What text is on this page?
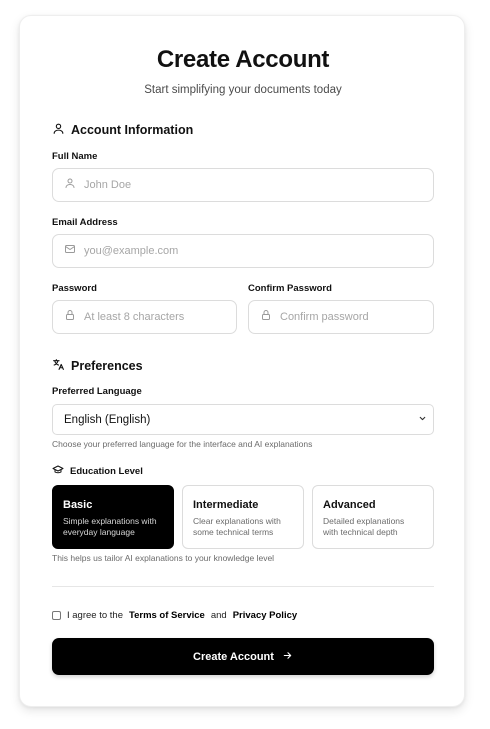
Create Account
Start simplifying your documents today
Account Information
Full Name
John Doe
Email Address
you@example.com
Password	Confirm Password
Preferences
Preferred Language
English (English)
Choose your preferred language for the interface and AI explanations
Education Level
Basic
Simple explanations with
everyday language
Intermediate
Clear explanations with
some technical terms
Advanced
Detailed explanations
with technical depth
This helps us tailor AI explanations to your knowledge level
I agree to the Terms of Service and Privacy Policy
Create Account
